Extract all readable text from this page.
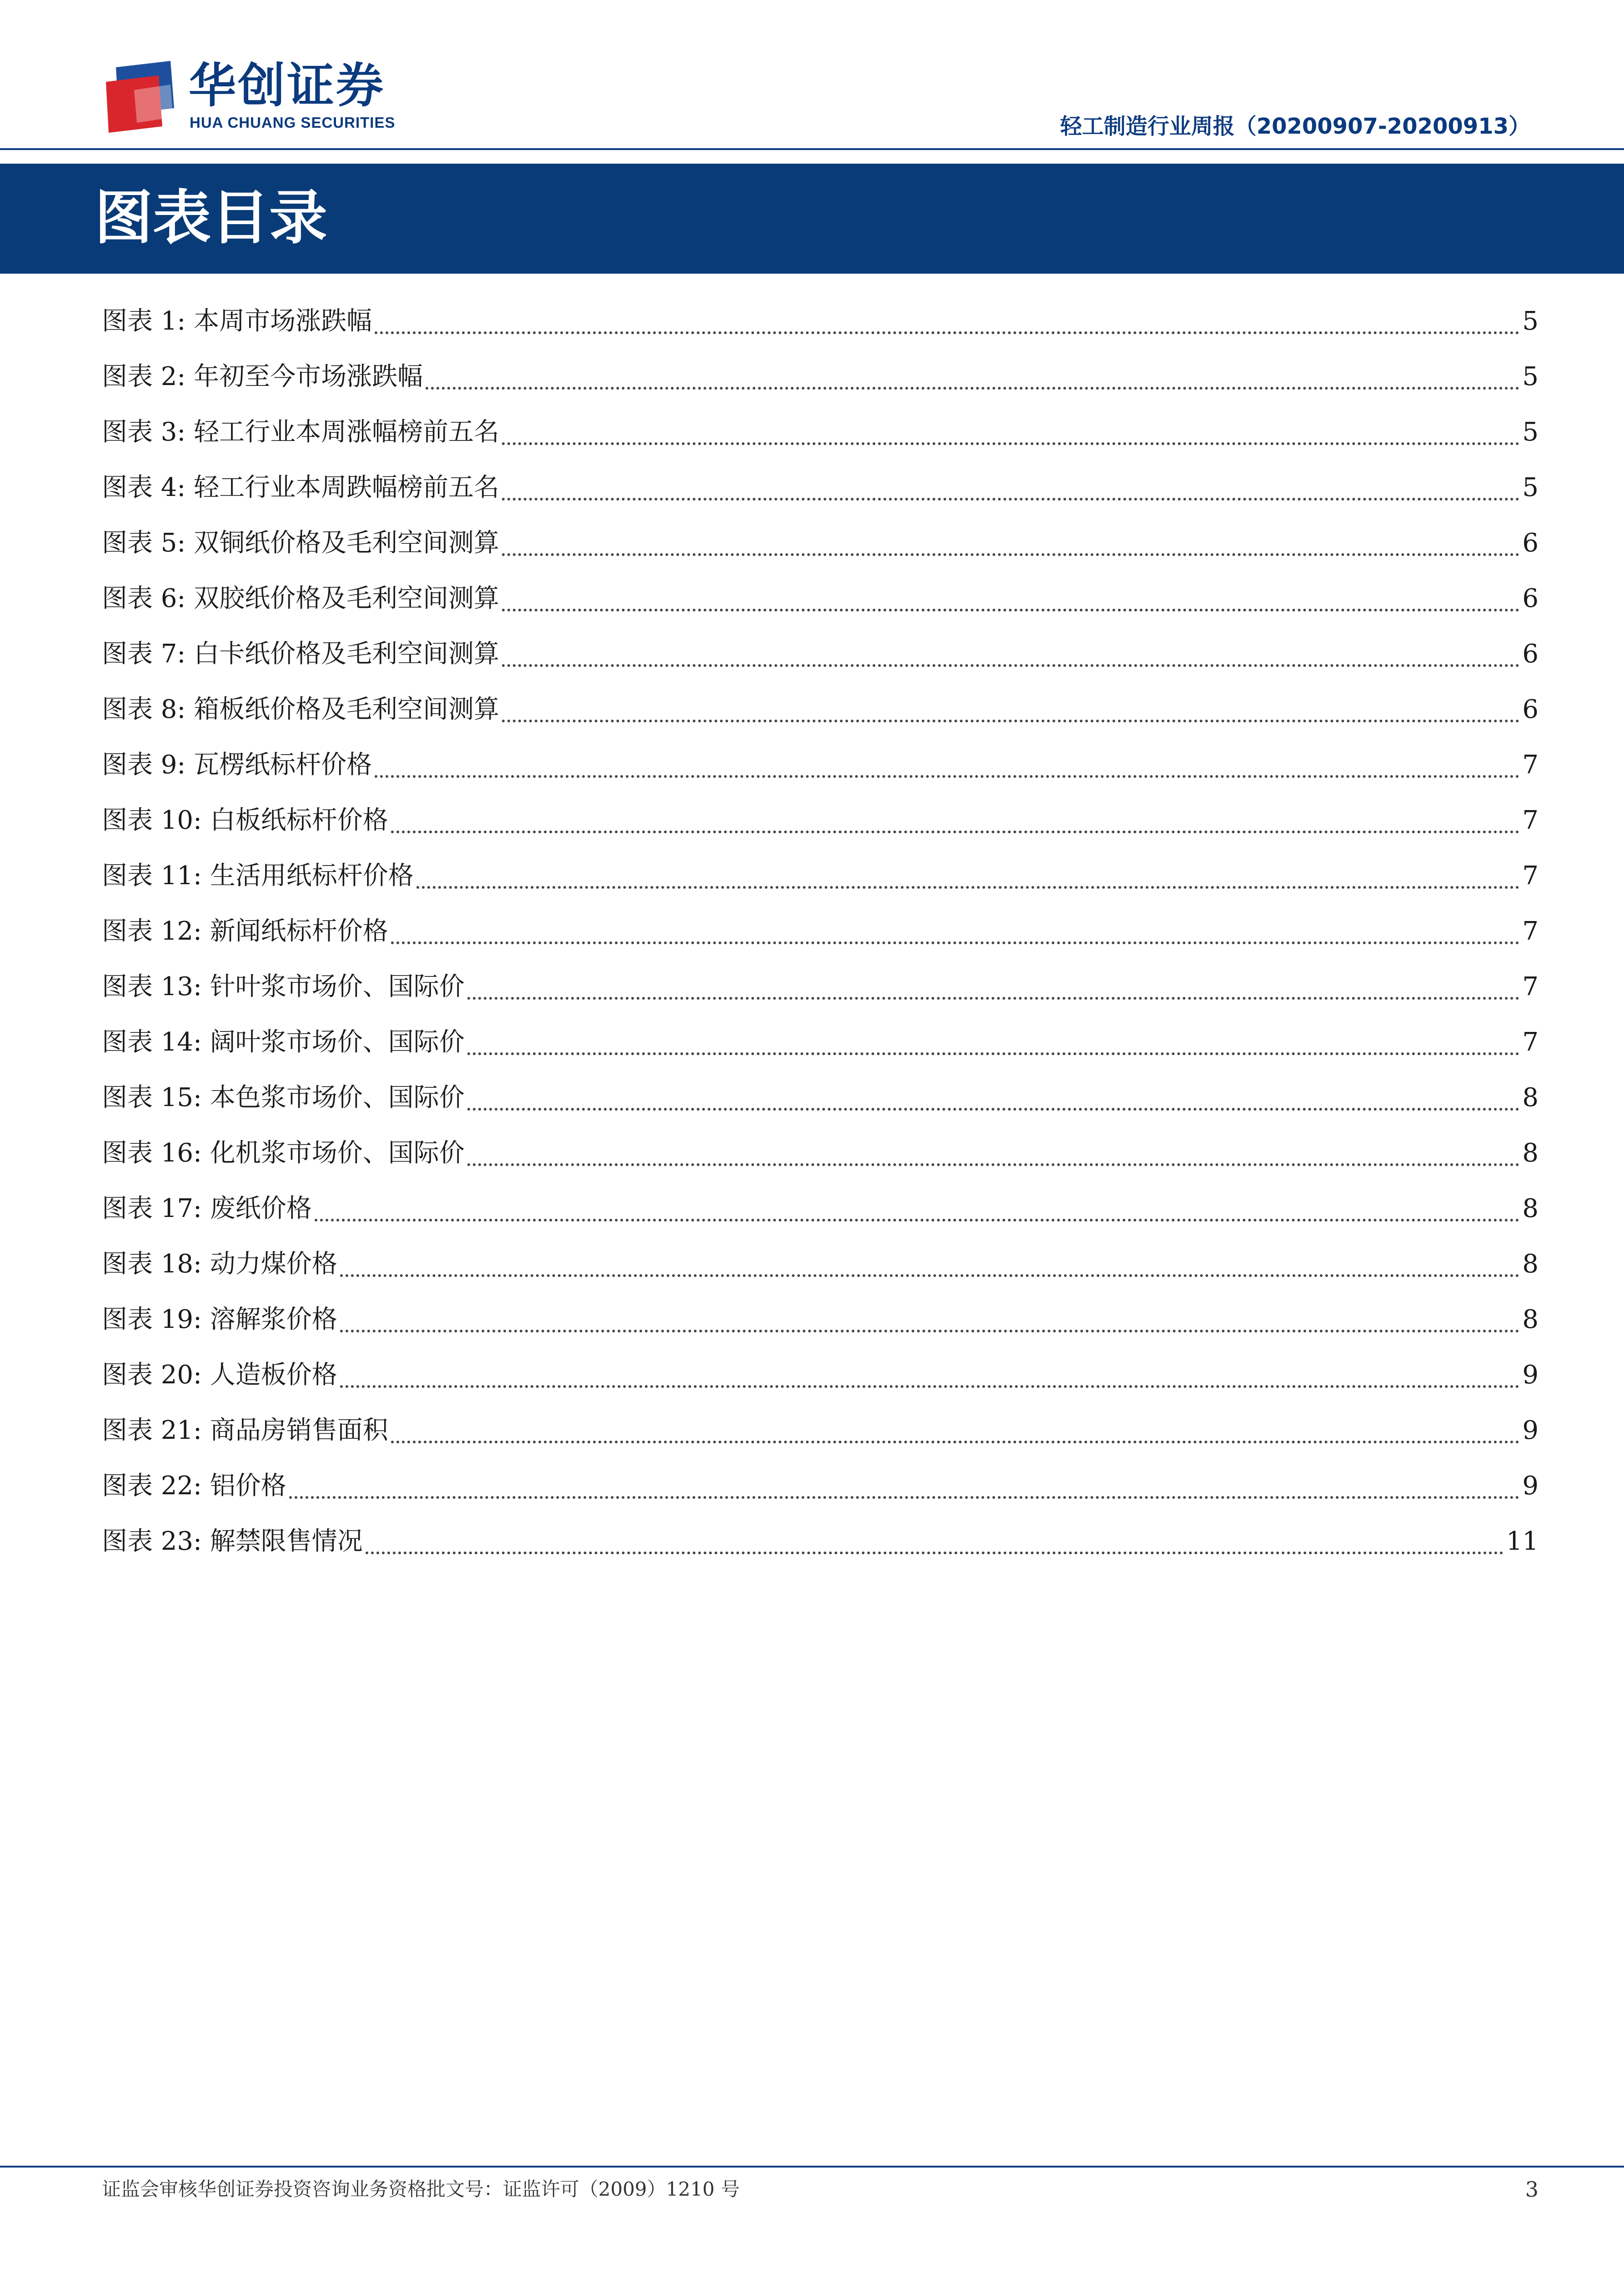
华创证券
HUA CHUANG SECURITIES	轻工制造行业周报（20200907-20200913）
图表目录
图表 1: 本周市场涨跌幅	5
图表 2: 年初至今市场涨跌幅	5
图表 3: 轻工行业本周涨幅榜前五名	5
图表 4: 轻工行业本周跌幅榜前五名	5
图表 5: 双铜纸价格及毛利空间测算	6
图表 6: 双胶纸价格及毛利空间测算	6
图表 7: 白卡纸价格及毛利空间测算	6
图表 8: 箱板纸价格及毛利空间测算	6
图表 9: 瓦楞纸标杆价格	7
图表 10: 白板纸标杆价格	7
图表 11: 生活用纸标杆价格	7
图表 12: 新闻纸标杆价格	7
图表 13: 针叶浆市场价、国际价	7
图表 14: 阔叶浆市场价、国际价	7
图表 15: 本色浆市场价、国际价	8
图表 16: 化机浆市场价、国际价	8
图表 17: 废纸价格	8
图表 18: 动力煤价格	8
图表 19: 溶解浆价格	8
图表 20: 人造板价格	9
图表 21: 商品房销售面积	9
图表 22: 铝价格	9
图表 23: 解禁限售情况	11
证监会审核华创证券投资咨询业务资格批文号：证监许可（2009）1210 号	3
